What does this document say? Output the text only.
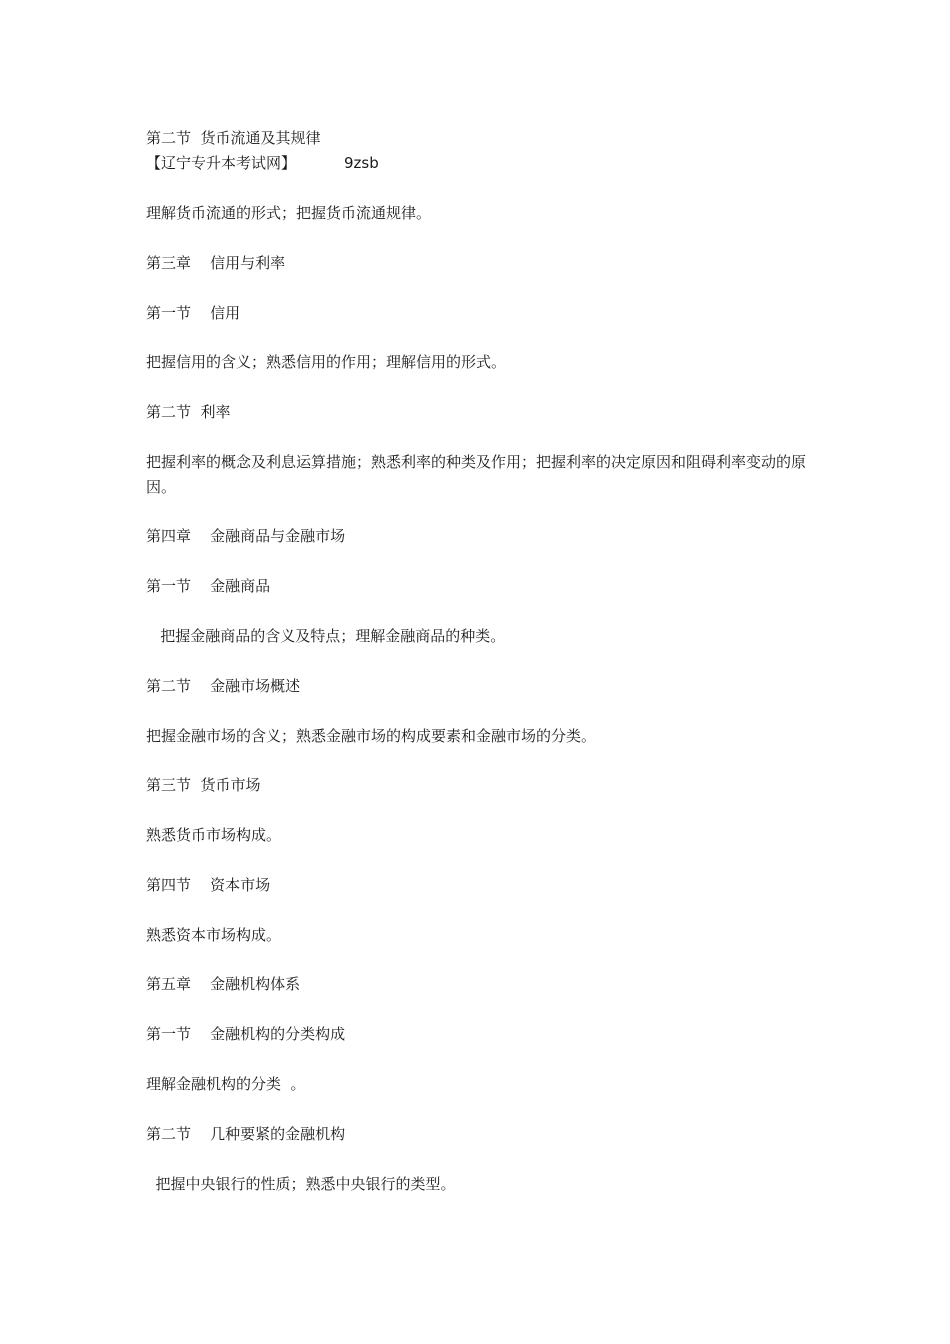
第二节  货币流通及其规律
【辽宁专升本考试网】	9zsb
理解货币流通的形式；把握货币流通规律。
第三章    信用与利率
第一节    信用
把握信用的含义；熟悉信用的作用；理解信用的形式。
第二节  利率
把握利率的概念及利息运算措施；熟悉利率的种类及作用；把握利率的决定原因和阻碍利率变动的原因。
第四章    金融商品与金融市场
第一节    金融商品
把握金融商品的含义及特点；理解金融商品的种类。
第二节    金融市场概述
把握金融市场的含义；熟悉金融市场的构成要素和金融市场的分类。
第三节  货币市场
熟悉货币市场构成。
第四节    资本市场
熟悉资本市场构成。
第五章    金融机构体系
第一节    金融机构的分类构成
理解金融机构的分类  。
第二节    几种要紧的金融机构
把握中央银行的性质；熟悉中央银行的类型。
